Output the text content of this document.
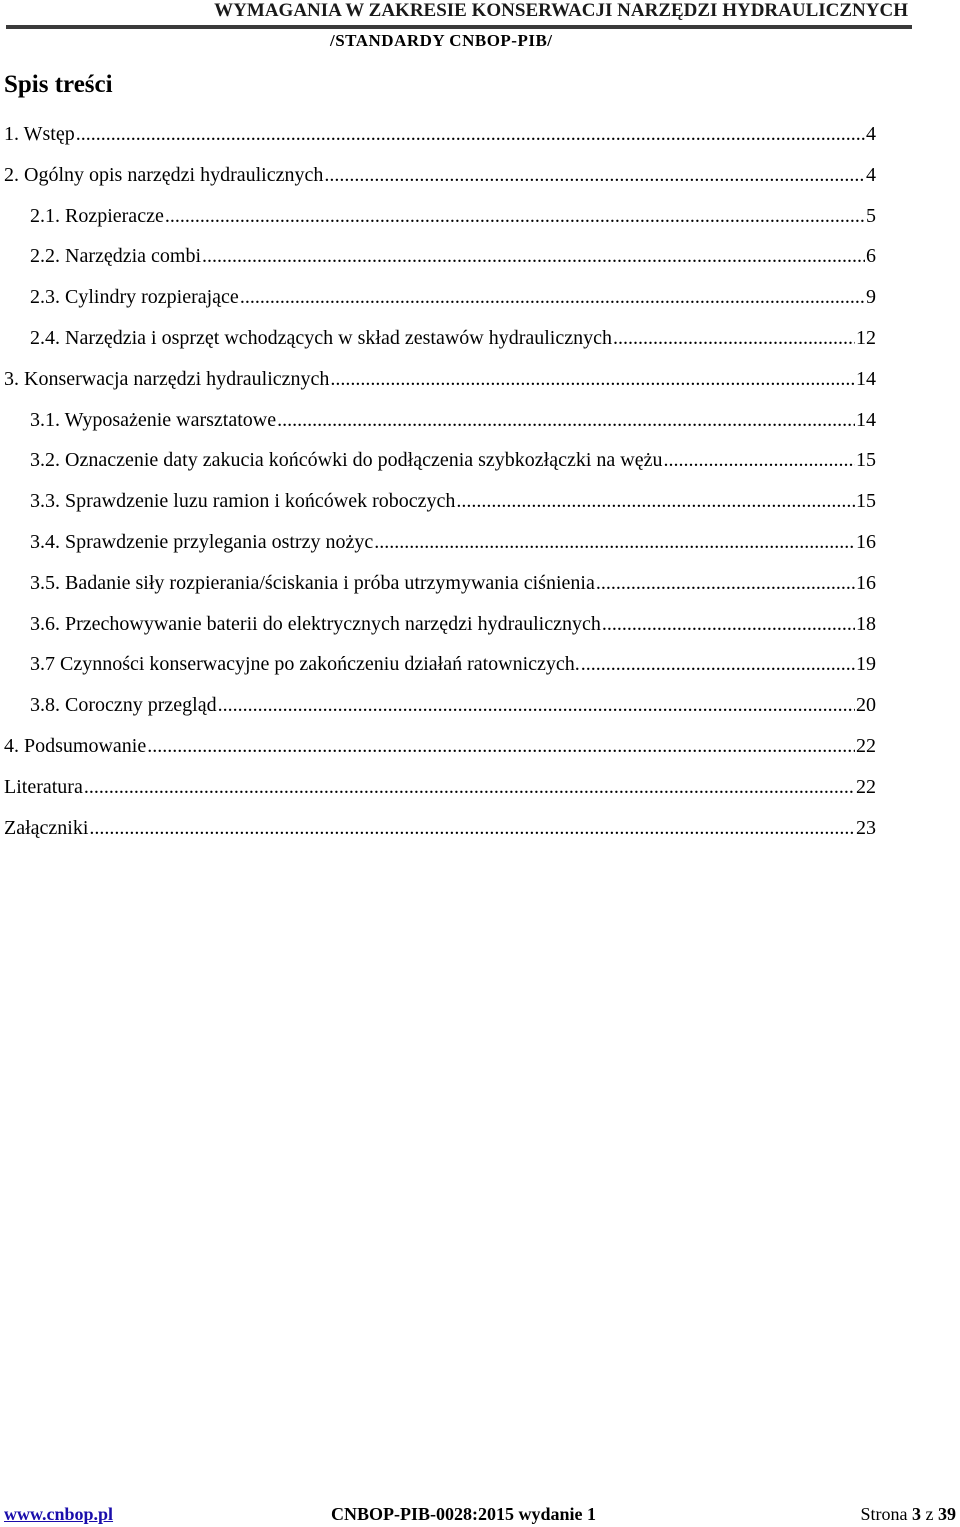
WYMAGANIA W ZAKRESIE KONSERWACJI NARZĘDZI HYDRAULICZNYCH
/STANDARDY CNBOP-PIB/
Spis treści
1. Wstęp .....	4
2. Ogólny opis narzędzi hydraulicznych .....	4
2.1. Rozpieracze .....	5
2.2. Narzędzia combi .....	6
2.3. Cylindry rozpierające .....	9
2.4. Narzędzia i osprzęt wchodzących w skład zestawów hydraulicznych .....	12
3. Konserwacja narzędzi hydraulicznych .....	14
3.1. Wyposażenie warsztatowe .....	14
3.2. Oznaczenie daty zakucia końcówki do podłączenia szybkozłączki na wężu .....	15
3.3. Sprawdzenie luzu ramion i końcówek roboczych .....	15
3.4. Sprawdzenie przylegania ostrzy nożyc .....	16
3.5. Badanie siły rozpierania/ściskania i próba utrzymywania ciśnienia .....	16
3.6. Przechowywanie baterii do elektrycznych narzędzi hydraulicznych .....	18
3.7 Czynności konserwacyjne po zakończeniu działań ratowniczych. .....	19
3.8. Coroczny przegląd .....	20
4. Podsumowanie .....	22
Literatura .....	22
Załączniki .....	23
www.cnbop.pl	CNBOP-PIB-0028:2015 wydanie 1	Strona 3 z 39
